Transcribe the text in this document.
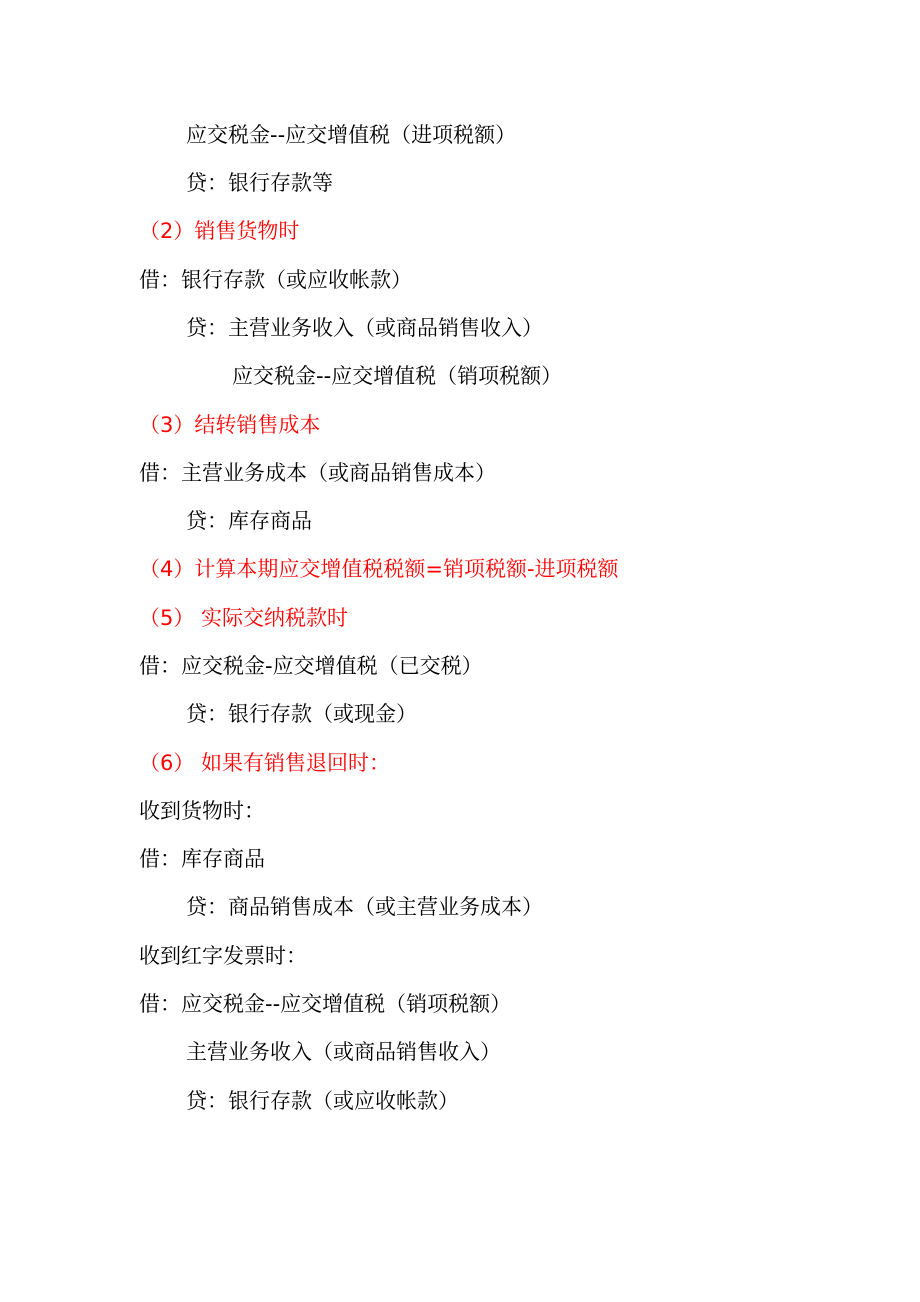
应交税金--应交增值税（进项税额）
贷：银行存款等
（2）销售货物时
借：银行存款（或应收帐款）
贷：主营业务收入（或商品销售收入）
应交税金--应交增值税（销项税额）
（3）结转销售成本
借：主营业务成本（或商品销售成本）
贷：库存商品
（4）计算本期应交增值税税额=销项税额-进项税额
（5） 实际交纳税款时
借：应交税金-应交增值税（已交税）
贷：银行存款（或现金）
（6） 如果有销售退回时：
收到货物时：
借：库存商品
贷：商品销售成本（或主营业务成本）
收到红字发票时：
借：应交税金--应交增值税（销项税额）
主营业务收入（或商品销售收入）
贷：银行存款（或应收帐款）
